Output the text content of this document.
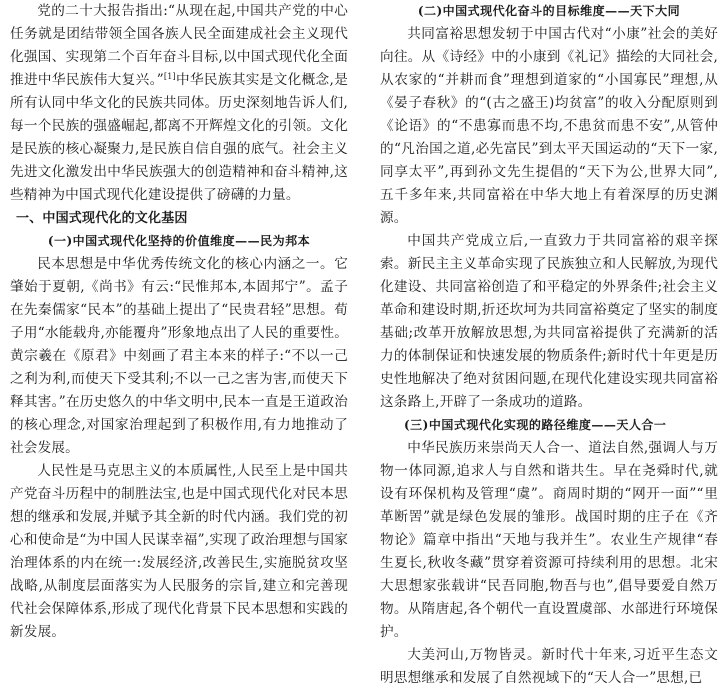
党的二十大报告指出:“从现在起,中国共产党的中心任务就是团结带领全国各族人民全面建成社会主义现代化强国、实现第二个百年奋斗目标,以中国式现代化全面推进中华民族伟大复兴。”[1]中华民族其实是文化概念,是所有认同中华文化的民族共同体。历史深刻地告诉人们,每一个民族的强盛崛起,都离不开辉煌文化的引领。文化是民族的核心凝聚力,是民族自信自强的底气。社会主义先进文化激发出中华民族强大的创造精神和奋斗精神,这些精神为中国式现代化建设提供了磅礴的力量。

一、中国式现代化的文化基因
(一)中国式现代化坚持的价值维度——民为邦本

民本思想是中华优秀传统文化的核心内涵之一。它肇始于夏朝,《尚书》有云:“民惟邦本,本固邦宁”。孟子在先秦儒家“民本”的基础上提出了“民贵君轻”思想。荀子用“水能载舟,亦能覆舟”形象地点出了人民的重要性。黄宗羲在《原君》中刻画了君主本来的样子:“不以一己之利为利,而使天下受其利;不以一己之害为害,而使天下释其害。”在历史悠久的中华文明中,民本一直是王道政治的核心理念,对国家治理起到了积极作用,有力地推动了社会发展。

人民性是马克思主义的本质属性,人民至上是中国共产党奋斗历程中的制胜法宝,也是中国式现代化对民本思想的继承和发展,并赋予其全新的时代内涵。我们党的初心和使命是“为中国人民谋幸福”,实现了政治理想与国家治理体系的内在统一:发展经济,改善民生,实施脱贫攻坚战略,从制度层面落实为人民服务的宗旨,建立和完善现代社会保障体系,形成了现代化背景下民本思想和实践的新发展。

(二)中国式现代化奋斗的目标维度——天下大同

共同富裕思想发轫于中国古代对“小康”社会的美好向往。从《诗经》中的小康到《礼记》描绘的大同社会,从农家的“并耕而食”理想到道家的“小国寡民”理想,从《晏子春秋》的“(古之盛王)均贫富”的收入分配原则到《论语》的“不患寡而患不均,不患贫而患不安”,从管仲的“凡治国之道,必先富民”到太平天国运动的“天下一家,同享太平”,再到孙文先生提倡的“天下为公,世界大同”,五千多年来,共同富裕在中华大地上有着深厚的历史渊源。

中国共产党成立后,一直致力于共同富裕的艰辛探索。新民主主义革命实现了民族独立和人民解放,为现代化建设、共同富裕创造了和平稳定的外界条件;社会主义革命和建设时期,折还坎坷为共同富裕奠定了坚实的制度基础;改革开放解放思想,为共同富裕提供了充满新的活力的体制保证和快速发展的物质条件;新时代十年更是历史性地解决了绝对贫困问题,在现代化建设实现共同富裕这条路上,开辟了一条成功的道路。

(三)中国式现代化实现的路径维度——天人合一

中华民族历来崇尚天人合一、道法自然,强调人与万物一体同源,追求人与自然和谐共生。早在尧舜时代,就设有环保机构及管理“虞”。商周时期的“网开一面”“里革断罟”就是绿色发展的雏形。战国时期的庄子在《齐物论》篇章中指出“天地与我并生”。农业生产规律“春生夏长,秋收冬藏”贯穿着资源可持续利用的思想。北宋大思想家张载讲“民吾同胞,物吾与也”,倡导要爱自然万物。从隋唐起,各个朝代一直设置虞部、水部进行环境保护。

大美河山,万物皆灵。新时代十年来,习近平生态文明思想继承和发展了自然视域下的“天人合一”思想,已
